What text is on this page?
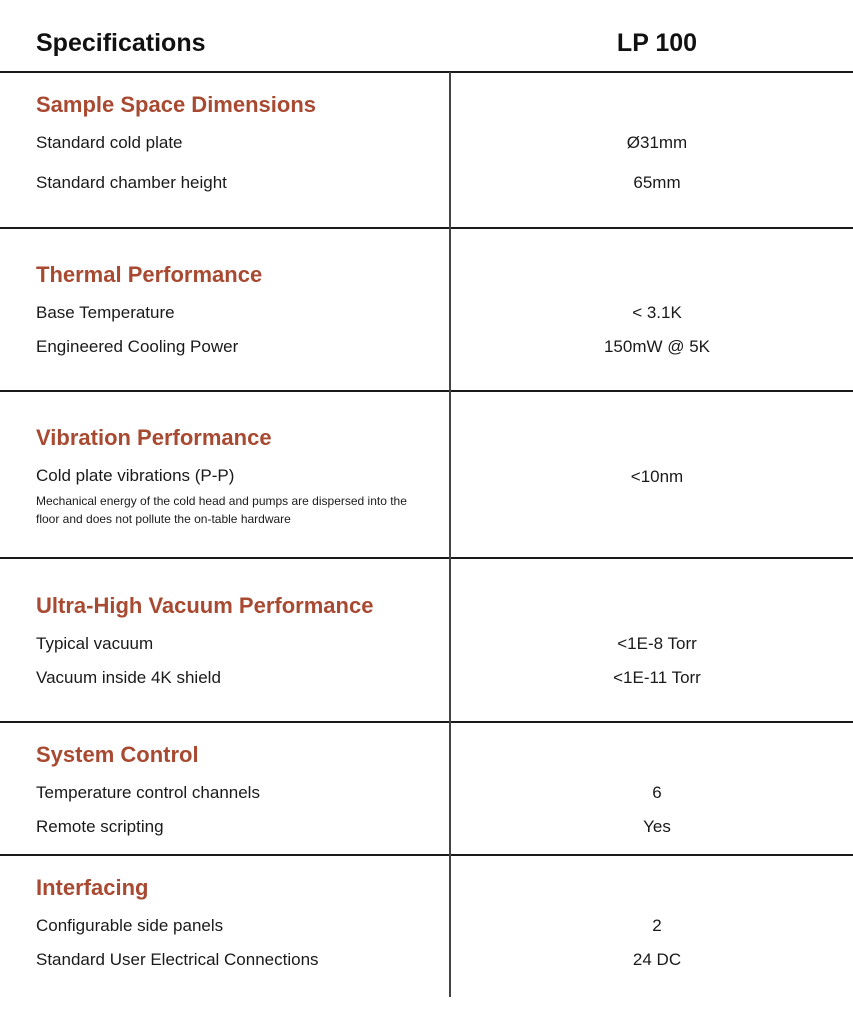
Specifications	LP 100
Sample Space Dimensions
Standard cold plate	Ø31mm
Standard chamber height	65mm
Thermal Performance
Base Temperature	< 3.1K
Engineered Cooling Power	150mW @ 5K
Vibration Performance
Cold plate vibrations (P-P)	<10nm
Mechanical energy of the cold head and pumps are dispersed into the floor and does not pollute the on-table hardware
Ultra-High Vacuum Performance
Typical vacuum	<1E-8 Torr
Vacuum inside 4K shield	<1E-11 Torr
System Control
Temperature control channels	6
Remote scripting	Yes
Interfacing
Configurable side panels	2
Standard User Electrical Connections	24 DC
